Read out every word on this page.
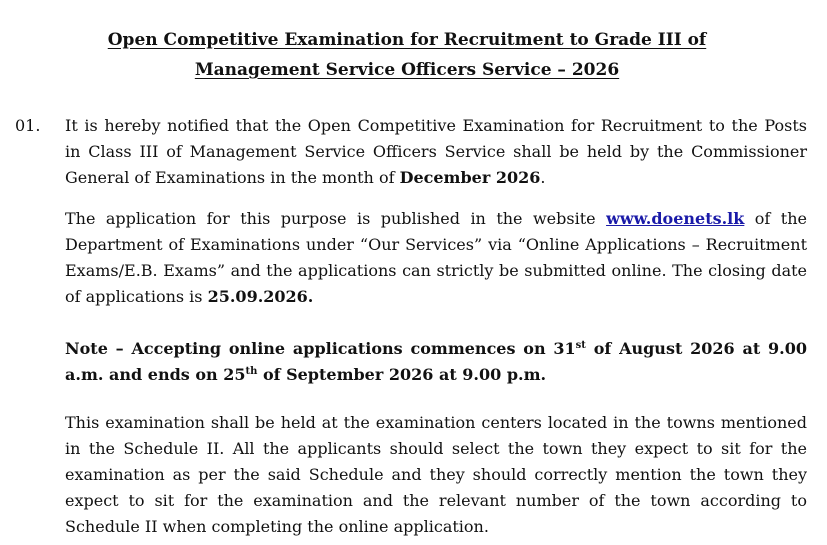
Open Competitive Examination for Recruitment to Grade III of

Management Service Officers Service – 2026

01. It is hereby notified that the Open Competitive Examination for Recruitment to the Posts in Class III of Management Service Officers Service shall be held by the Commissioner General of Examinations in the month of December 2026.

The application for this purpose is published in the website www.doenets.lk of the Department of Examinations under “Our Services” via “Online Applications – Recruitment Exams/E.B. Exams” and the applications can strictly be submitted online. The closing date of applications is 25.09.2026.

Note – Accepting online applications commences on 31st of August 2026 at 9.00 a.m. and ends on 25th of September 2026 at 9.00 p.m.

This examination shall be held at the examination centers located in the towns mentioned in the Schedule II. All the applicants should select the town they expect to sit for the examination as per the said Schedule and they should correctly mention the town they expect to sit for the examination and the relevant number of the town according to Schedule II when completing the online application.
